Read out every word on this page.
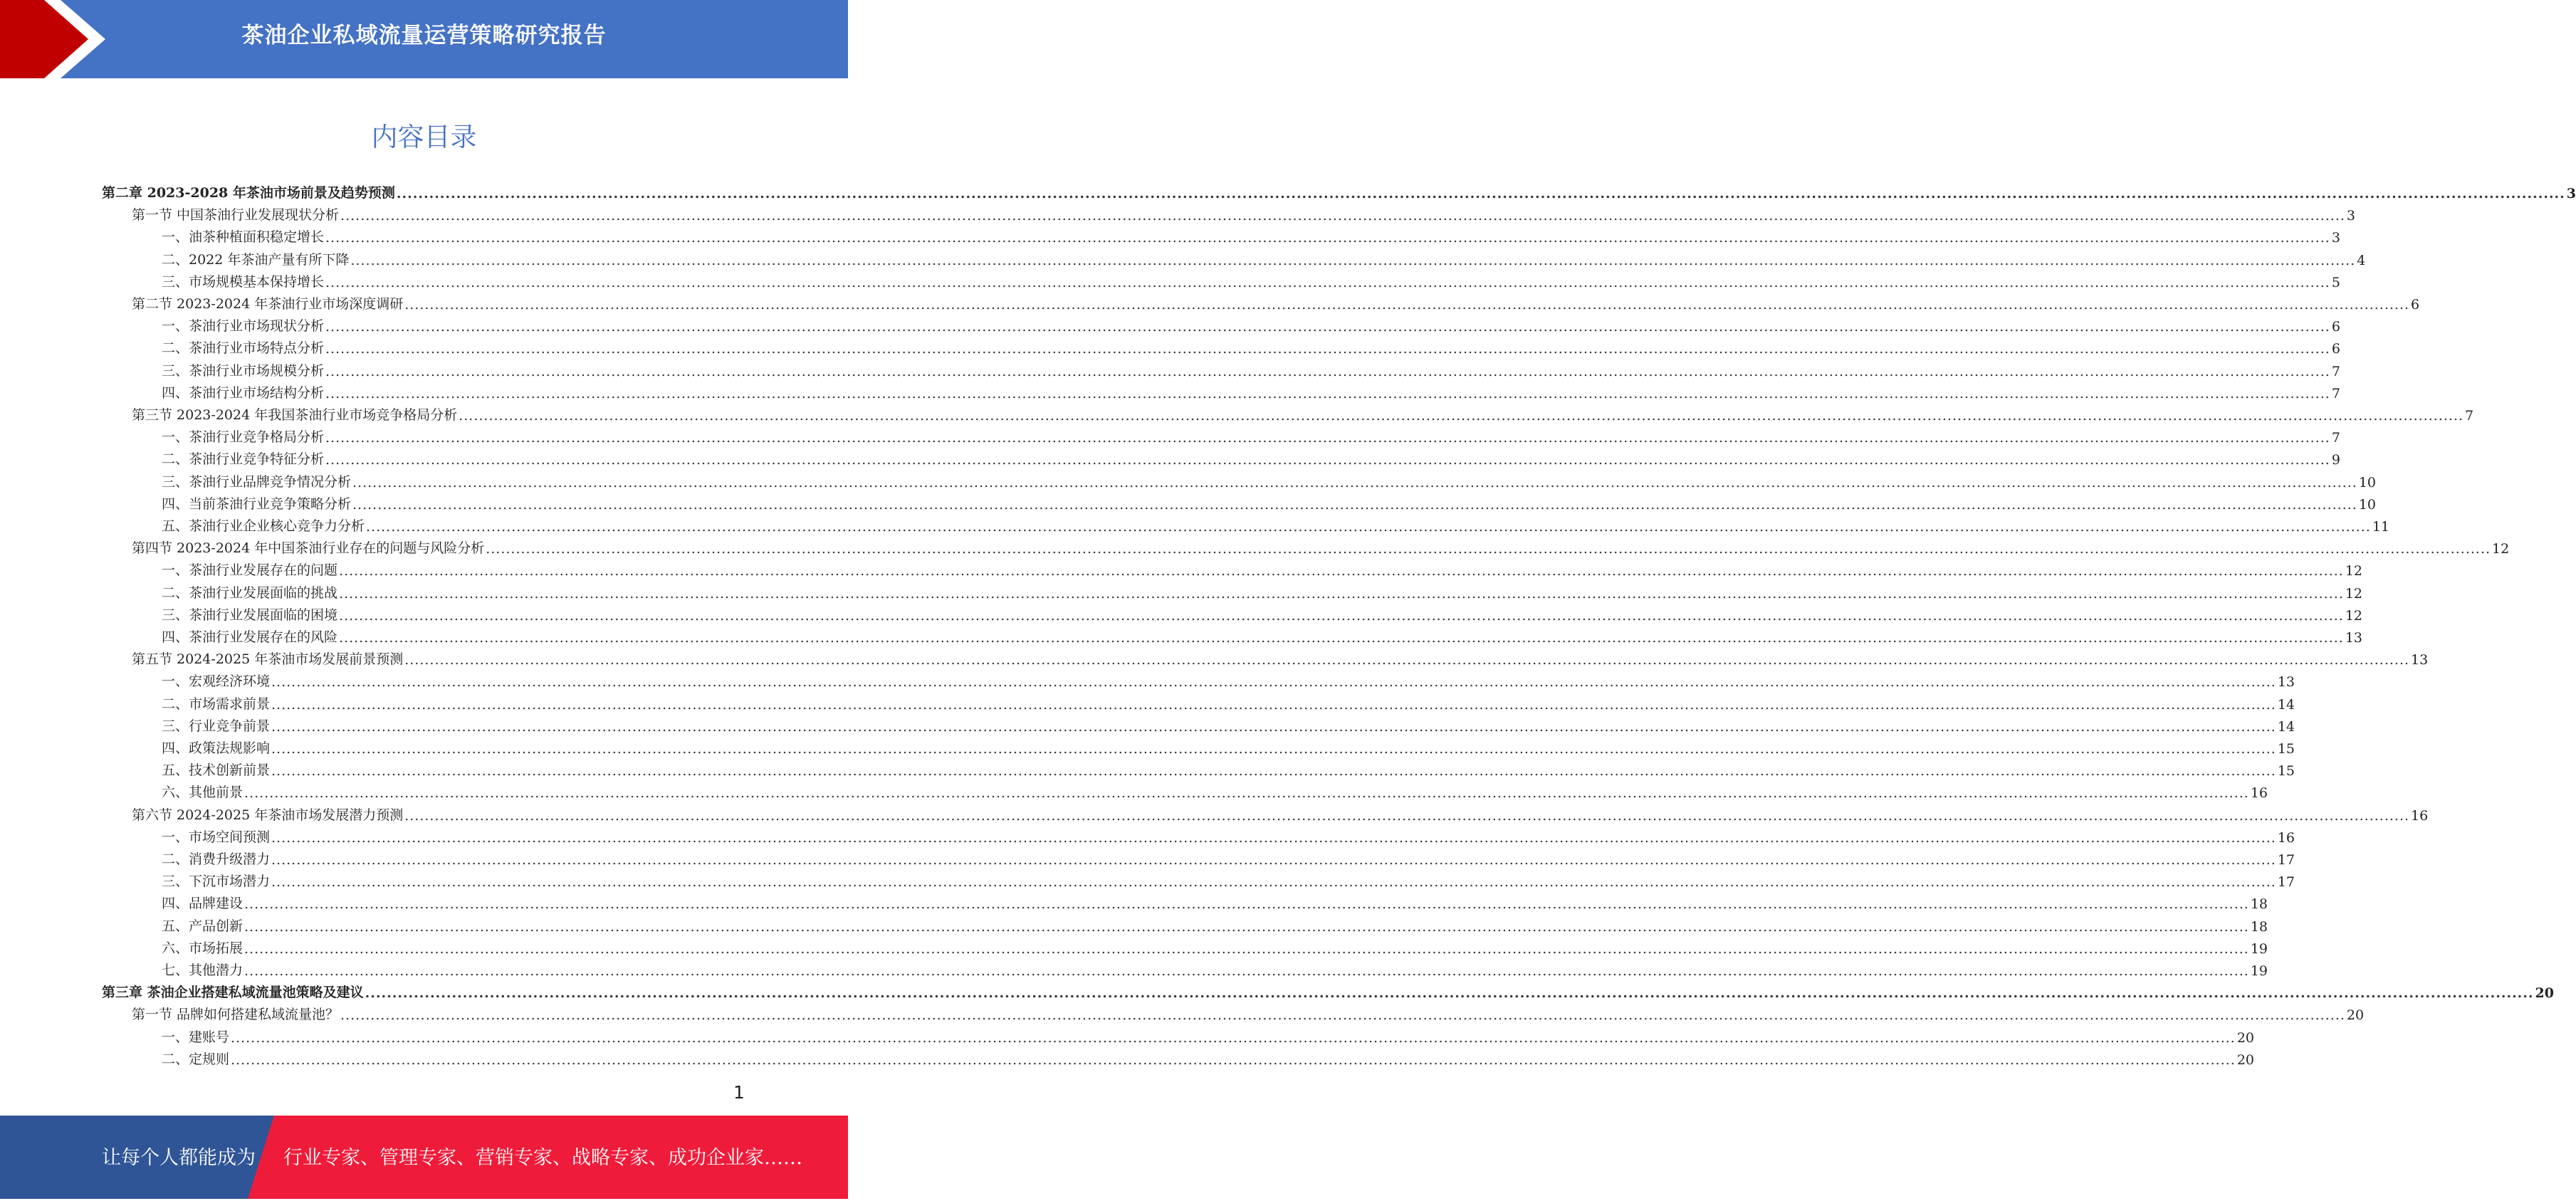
茶油企业私域流量运营策略研究报告
内容目录
第二章 2023-2028 年茶油市场前景及趋势预测 ................................................................................................................................................................................................................................................................................................................................................................................................................ 3
第一节 中国茶油行业发展现状分析 ................................................................................................................................................................................................................................................................................................................................................................................................................ 3
一、油茶种植面积稳定增长 ................................................................................................................................................................................................................................................................................................................................................................................................................ 3
二、2022 年茶油产量有所下降 ................................................................................................................................................................................................................................................................................................................................................................................................................ 4
三、市场规模基本保持增长 ................................................................................................................................................................................................................................................................................................................................................................................................................ 5
第二节 2023-2024 年茶油行业市场深度调研 ................................................................................................................................................................................................................................................................................................................................................................................................................ 6
一、茶油行业市场现状分析 ................................................................................................................................................................................................................................................................................................................................................................................................................ 6
二、茶油行业市场特点分析 ................................................................................................................................................................................................................................................................................................................................................................................................................ 6
三、茶油行业市场规模分析 ................................................................................................................................................................................................................................................................................................................................................................................................................ 7
四、茶油行业市场结构分析 ................................................................................................................................................................................................................................................................................................................................................................................................................ 7
第三节 2023-2024 年我国茶油行业市场竞争格局分析 ................................................................................................................................................................................................................................................................................................................................................................................................................ 7
一、茶油行业竞争格局分析 ................................................................................................................................................................................................................................................................................................................................................................................................................ 7
二、茶油行业竞争特征分析 ................................................................................................................................................................................................................................................................................................................................................................................................................ 9
三、茶油行业品牌竞争情况分析 ................................................................................................................................................................................................................................................................................................................................................................................................................ 10
四、当前茶油行业竞争策略分析 ................................................................................................................................................................................................................................................................................................................................................................................................................ 10
五、茶油行业企业核心竞争力分析 ................................................................................................................................................................................................................................................................................................................................................................................................................ 11
第四节 2023-2024 年中国茶油行业存在的问题与风险分析 ................................................................................................................................................................................................................................................................................................................................................................................................................ 12
一、茶油行业发展存在的问题 ................................................................................................................................................................................................................................................................................................................................................................................................................ 12
二、茶油行业发展面临的挑战 ................................................................................................................................................................................................................................................................................................................................................................................................................ 12
三、茶油行业发展面临的困境 ................................................................................................................................................................................................................................................................................................................................................................................................................ 12
四、茶油行业发展存在的风险 ................................................................................................................................................................................................................................................................................................................................................................................................................ 13
第五节 2024-2025 年茶油市场发展前景预测 ................................................................................................................................................................................................................................................................................................................................................................................................................ 13
一、宏观经济环境 ................................................................................................................................................................................................................................................................................................................................................................................................................ 13
二、市场需求前景 ................................................................................................................................................................................................................................................................................................................................................................................................................ 14
三、行业竞争前景 ................................................................................................................................................................................................................................................................................................................................................................................................................ 14
四、政策法规影响 ................................................................................................................................................................................................................................................................................................................................................................................................................ 15
五、技术创新前景 ................................................................................................................................................................................................................................................................................................................................................................................................................ 15
六、其他前景 ................................................................................................................................................................................................................................................................................................................................................................................................................ 16
第六节 2024-2025 年茶油市场发展潜力预测 ................................................................................................................................................................................................................................................................................................................................................................................................................ 16
一、市场空间预测 ................................................................................................................................................................................................................................................................................................................................................................................................................ 16
二、消费升级潜力 ................................................................................................................................................................................................................................................................................................................................................................................................................ 17
三、下沉市场潜力 ................................................................................................................................................................................................................................................................................................................................................................................................................ 17
四、品牌建设 ................................................................................................................................................................................................................................................................................................................................................................................................................ 18
五、产品创新 ................................................................................................................................................................................................................................................................................................................................................................................................................ 18
六、市场拓展 ................................................................................................................................................................................................................................................................................................................................................................................................................ 19
七、其他潜力 ................................................................................................................................................................................................................................................................................................................................................................................................................ 19
第三章 茶油企业搭建私域流量池策略及建议 ................................................................................................................................................................................................................................................................................................................................................................................................................ 20
第一节 品牌如何搭建私域流量池？ ................................................................................................................................................................................................................................................................................................................................................................................................................ 20
一、建账号 ................................................................................................................................................................................................................................................................................................................................................................................................................ 20
二、定规则 ................................................................................................................................................................................................................................................................................................................................................................................................................ 20
1
让每个人都能成为 行业专家、管理专家、营销专家、战略专家、成功企业家……
